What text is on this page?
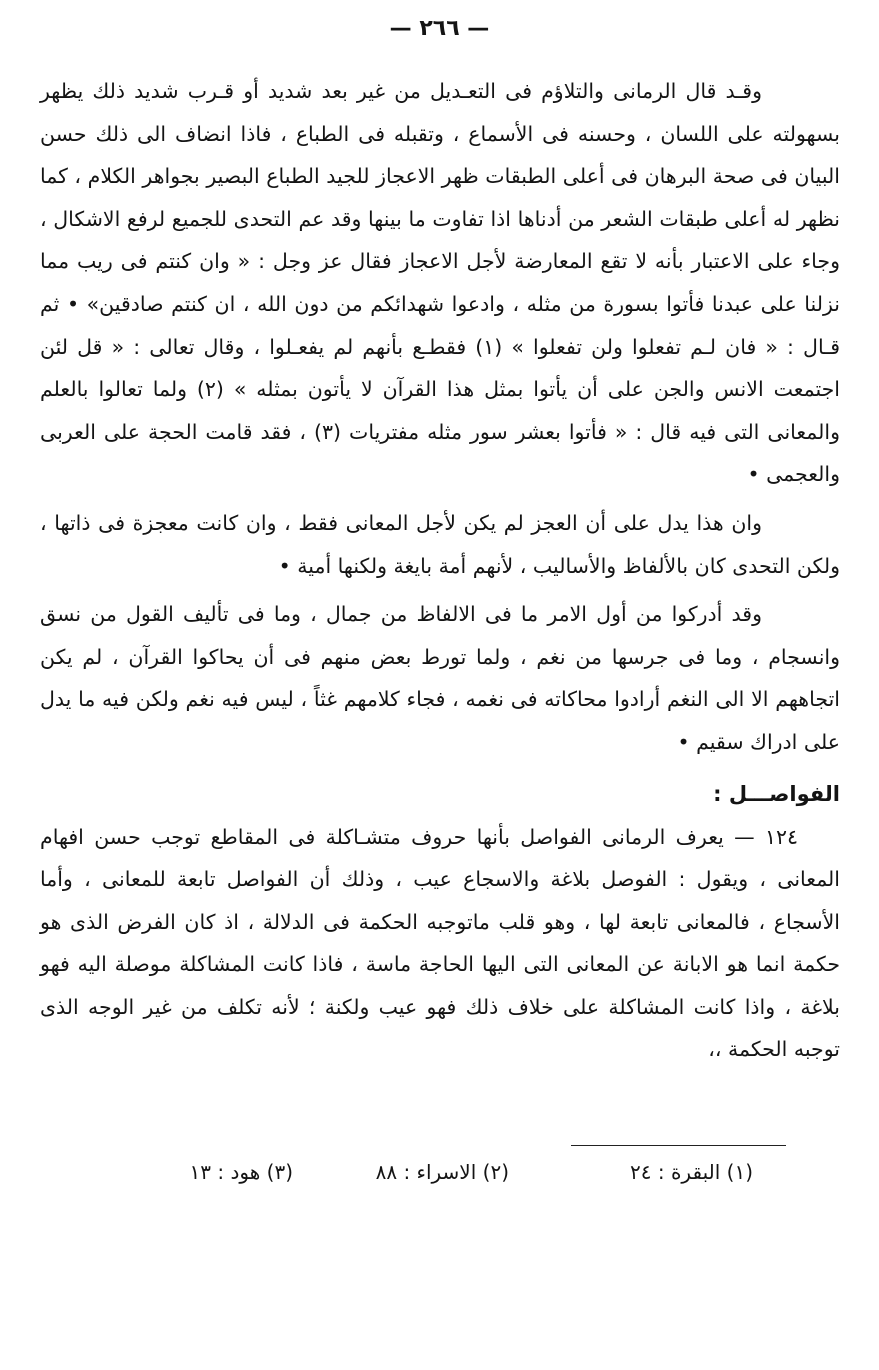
— ٢٦٦ —

وقـد قال الرمانى والتلاؤم فى التعـديل من غير بعد شديد أو قـرب شديد ذلك يظهر بسهولته على اللسان ، وحسنه فى الأسماع ، وتقبله فى الطباع ، فاذا انضاف الى ذلك حسن البيان فى صحة البرهان فى أعلى الطبقات ظهر الاعجاز للجيد الطباع البصير بجواهر الكلام ، كما نظهر له أعلى طبقات الشعر من أدناها اذا تفاوت ما بينها وقد عم التحدى للجميع لرفع الاشكال ، وجاء على الاعتبار بأنه لا تقع المعارضة لأجل الاعجاز فقال عز وجل : « وان كنتم فى ريب مما نزلنا على عبدنا فأتوا بسورة من مثله ، وادعوا شهدائكم من دون الله ، ان كنتم صادقين» • ثم قـال : « فان لـم تفعلوا ولن تفعلوا » (١) فقطـع بأنهم لم يفعـلوا ، وقال تعالى : « قل لئن اجتمعت الانس والجن على أن يأتوا بمثل هذا القرآن لا يأتون بمثله » (٢) ولما تعالوا بالعلم والمعانى التى فيه قال : « فأتوا بعشر سور مثله مفتريات (٣) ، فقد قامت الحجة على العربى والعجمى •

وان هذا يدل على أن العجز لم يكن لأجل المعانى فقط ، وان كانت معجزة فى ذاتها ، ولكن التحدى كان بالألفاظ والأساليب ، لأنهم أمة بايغة ولكنها أمية •

وقد أدركوا من أول الامر ما فى الالفاظ من جمال ، وما فى تأليف القول من نسق وانسجام ، وما فى جرسها من نغم ، ولما تورط بعض منهم فى أن يحاكوا القرآن ، لم يكن اتجاههم الا الى النغم أرادوا محاكاته فى نغمه ، فجاء كلامهم غثاً ، ليس فيه نغم ولكن فيه ما يدل على ادراك سقيم •

الفواصـــل :

١٢٤ — يعرف الرمانى الفواصل بأنها حروف متشـاكلة فى المقاطع توجب حسن افهام المعانى ، ويقول : الفوصل بلاغة والاسجاع عيب ، وذلك أن الفواصل تابعة للمعانى ، وأما الأسجاع ، فالمعانى تابعة لها ، وهو قلب ماتوجبه الحكمة فى الدلالة ، اذ كان الفرض الذى هو حكمة انما هو الابانة عن المعانى التى اليها الحاجة ماسة ، فاذا كانت المشاكلة موصلة اليه فهو بلاغة ، واذا كانت المشاكلة على خلاف ذلك فهو عيب ولكنة ؛ لأنه تكلف من غير الوجه الذى توجبه الحكمة ،،

(١) البقرة : ٢٤
(٢) الاسراء : ٨٨
(٣) هود : ١٣
